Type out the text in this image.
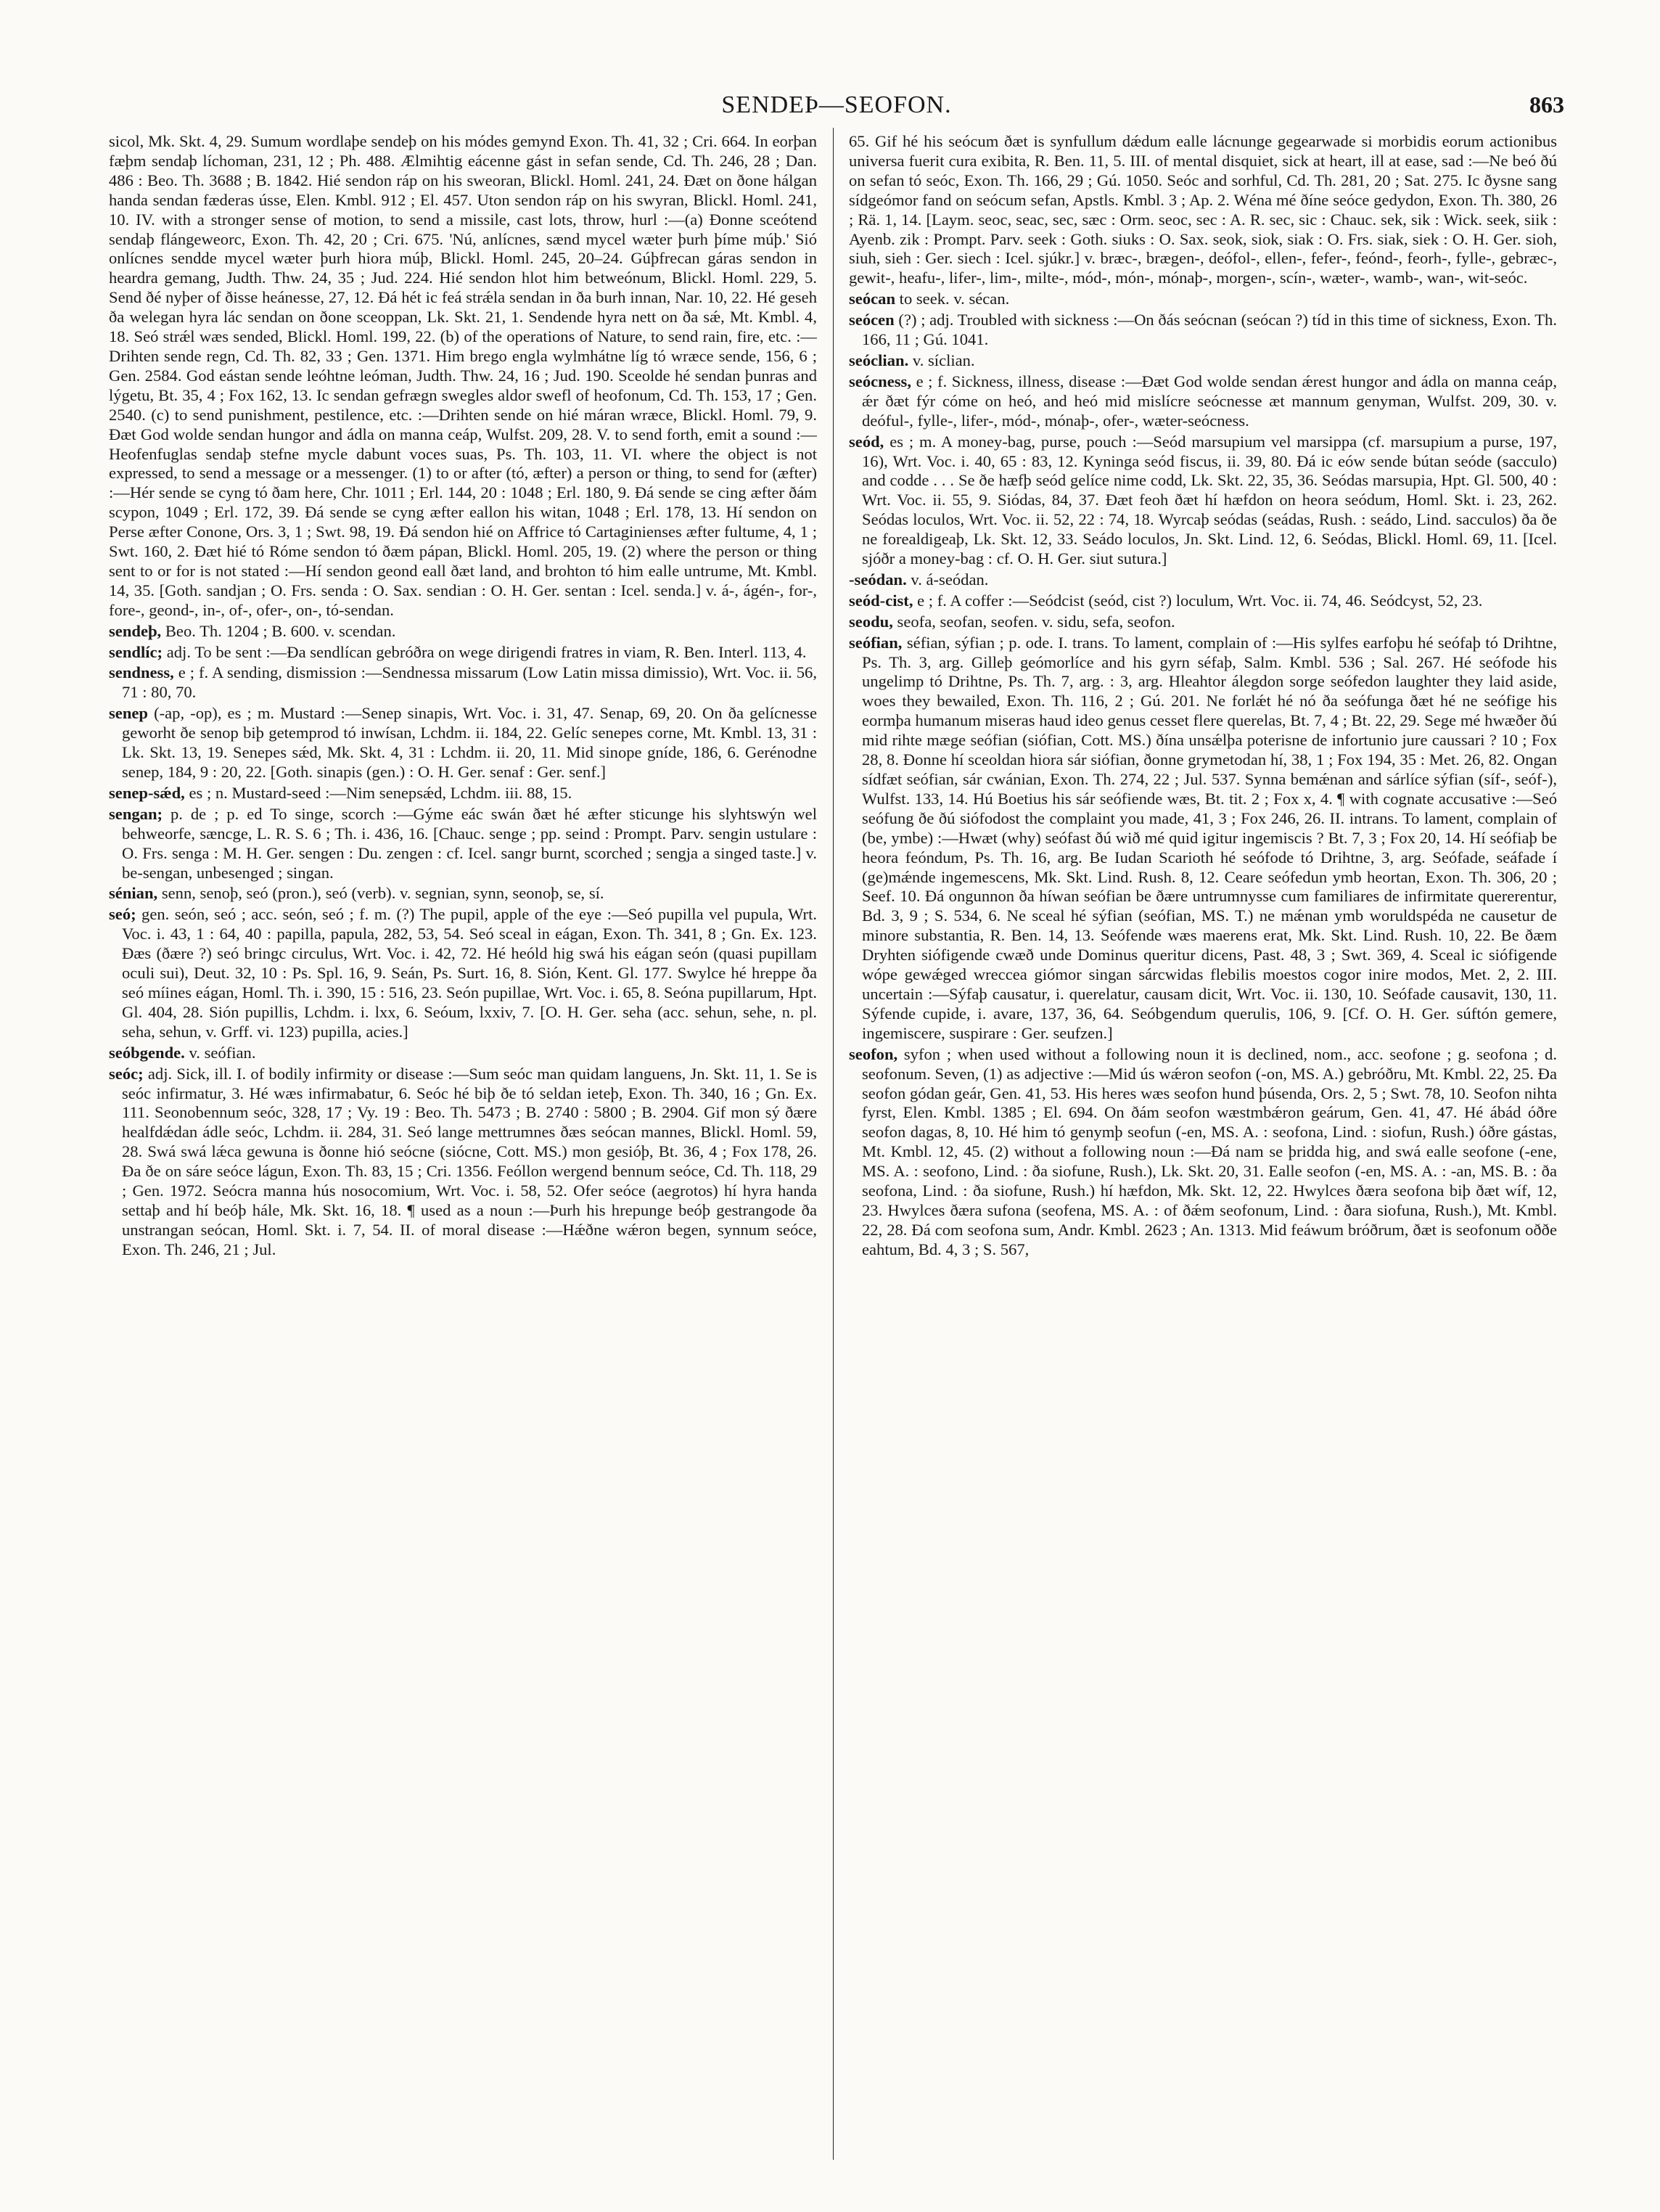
SENDEÞ—SEOFON.	863

sicol, Mk. Skt. 4, 29. Sumum wordlaþe sendeþ on his módes gemynd Exon. Th. 41, 32 ; Cri. 664. In eorþan fæþm sendaþ líchoman, 231, 12 ; Ph. 488. Ælmihtig eácenne gást in sefan sende, Cd. Th. 246, 28 ; Dan. 486 : Beo. Th. 3688 ; B. 1842. Hié sendon ráp on his sweoran, Blickl. Homl. 241, 24. Ðæt on ðone hálgan handa sendan fæderas ússe, Elen. Kmbl. 912 ; El. 457. Uton sendon ráp on his swyran, Blickl. Homl. 241, 10. IV. with a stronger sense of motion, to send a missile, cast lots, throw, hurl :—(a) Ðonne sceótend sendaþ flángeweorc, Exon. Th. 42, 20 ; Cri. 675. 'Nú, anlícnes, sænd mycel wæter þurh þíme múþ.' Sió onlícnes sendde mycel wæter þurh hiora múþ, Blickl. Homl. 245, 20–24. Gúþfrecan gáras sendon in heardra gemang, Judth. Thw. 24, 35 ; Jud. 224. Hié sendon hlot him betweónum, Blickl. Homl. 229, 5. Send ðé nyþer of ðisse heánesse, 27, 12. Ðá hét ic feá strǽla sendan in ða burh innan, Nar. 10, 22. Hé geseh ða welegan hyra lác sendan on ðone sceoppan, Lk. Skt. 21, 1. Sendende hyra nett on ða sǽ, Mt. Kmbl. 4, 18. Seó strǽl wæs sended, Blickl. Homl. 199, 22. (b) of the operations of Nature, to send rain, fire, etc. :—Drihten sende regn, Cd. Th. 82, 33 ; Gen. 1371. Him brego engla wylmhátne líg tó wræce sende, 156, 6 ; Gen. 2584. God eástan sende leóhtne leóman, Judth. Thw. 24, 16 ; Jud. 190. Sceolde hé sendan þunras and lýgetu, Bt. 35, 4 ; Fox 162, 13. Ic sendan gefrægn swegles aldor swefl of heofonum, Cd. Th. 153, 17 ; Gen. 2540. (c) to send punishment, pestilence, etc. :—Drihten sende on hié máran wræce, Blickl. Homl. 79, 9. Ðæt God wolde sendan hungor and ádla on manna ceáp, Wulfst. 209, 28. V. to send forth, emit a sound :—Heofenfuglas sendaþ stefne mycle dabunt voces suas, Ps. Th. 103, 11. VI. where the object is not expressed, to send a message or a messenger. (1) to or after (tó, æfter) a person or thing, to send for (æfter) :—Hér sende se cyng tó ðam here, Chr. 1011 ; Erl. 144, 20 : 1048 ; Erl. 180, 9. Ðá sende se cing æfter ðám scypon, 1049 ; Erl. 172, 39. Ðá sende se cyng æfter eallon his witan, 1048 ; Erl. 178, 13. Hí sendon on Perse æfter Conone, Ors. 3, 1 ; Swt. 98, 19. Ðá sendon hié on Affrice tó Cartaginienses æfter fultume, 4, 1 ; Swt. 160, 2. Ðæt hié tó Róme sendon tó ðæm pápan, Blickl. Homl. 205, 19. (2) where the person or thing sent to or for is not stated :—Hí sendon geond eall ðæt land, and brohton tó him ealle untrume, Mt. Kmbl. 14, 35. [Goth. sandjan ; O. Frs. senda : O. Sax. sendian : O. H. Ger. sentan : Icel. senda.] v. á-, ágén-, for-, fore-, geond-, in-, of-, ofer-, on-, tó-sendan.

sendeþ, Beo. Th. 1204 ; B. 600. v. scendan.

sendlíc; adj. To be sent :—Ða sendlícan gebróðra on wege dirigendi fratres in viam, R. Ben. Interl. 113, 4.

sendness, e ; f. A sending, dismission :—Sendnessa missarum (Low Latin missa dimissio), Wrt. Voc. ii. 56, 71 : 80, 70.

senep (-ap, -op), es ; m. Mustard :—Senep sinapis, Wrt. Voc. i. 31, 47. Senap, 69, 20. On ða gelícnesse geworht ðe senop biþ getemprod tó inwísan, Lchdm. ii. 184, 22. Gelíc senepes corne, Mt. Kmbl. 13, 31 : Lk. Skt. 13, 19. Senepes sǽd, Mk. Skt. 4, 31 : Lchdm. ii. 20, 11. Mid sinope gníde, 186, 6. Gerénodne senep, 184, 9 : 20, 22. [Goth. sinapis (gen.) : O. H. Ger. senaf : Ger. senf.]

senep-sǽd, es ; n. Mustard-seed :—Nim senepsǽd, Lchdm. iii. 88, 15.

sengan; p. de ; p. ed To singe, scorch :—Gýme eác swán ðæt hé æfter sticunge his slyhtswýn wel behweorfe, sæncge, L. R. S. 6 ; Th. i. 436, 16. [Chauc. senge ; pp. seind : Prompt. Parv. sengin ustulare : O. Frs. senga : M. H. Ger. sengen : Du. zengen : cf. Icel. sangr burnt, scorched ; sengja a singed taste.] v. be-sengan, unbesenged ; singan.

sénian, senn, senoþ, seó (pron.), seó (verb). v. segnian, synn, seonoþ, se, sí.

seó; gen. seón, seó ; acc. seón, seó ; f. m. (?) The pupil, apple of the eye :—Seó pupilla vel pupula, Wrt. Voc. i. 43, 1 : 64, 40 : papilla, papula, 282, 53, 54. Seó sceal in eágan, Exon. Th. 341, 8 ; Gn. Ex. 123. Ðæs (ðære ?) seó bringc circulus, Wrt. Voc. i. 42, 72. Hé heóld hig swá his eágan seón (quasi pupillam oculi sui), Deut. 32, 10 : Ps. Spl. 16, 9. Seán, Ps. Surt. 16, 8. Sión, Kent. Gl. 177. Swylce hé hreppe ða seó míines eágan, Homl. Th. i. 390, 15 : 516, 23. Seón pupillae, Wrt. Voc. i. 65, 8. Seóna pupillarum, Hpt. Gl. 404, 28. Sión pupillis, Lchdm. i. lxx, 6. Seóum, lxxiv, 7. [O. H. Ger. seha (acc. sehun, sehe, n. pl. seha, sehun, v. Grff. vi. 123) pupilla, acies.]

seóbgende. v. seófian.

seóc; adj. Sick, ill. I. of bodily infirmity or disease :—Sum seóc man quidam languens, Jn. Skt. 11, 1. Se is seóc infirmatur, 3. Hé wæs infirmabatur, 6. Seóc hé biþ ðe tó seldan ieteþ, Exon. Th. 340, 16 ; Gn. Ex. 111. Seonobennum seóc, 328, 17 ; Vy. 19 : Beo. Th. 5473 ; B. 2740 : 5800 ; B. 2904. Gif mon sý ðære healfdǽdan ádle seóc, Lchdm. ii. 284, 31. Seó lange mettrumnes ðæs seócan mannes, Blickl. Homl. 59, 28. Swá swá lǽca gewuna is ðonne hió seócne (siócne, Cott. MS.) mon gesióþ, Bt. 36, 4 ; Fox 178, 26. Ða ðe on sáre seóce lágun, Exon. Th. 83, 15 ; Cri. 1356. Feóllon wergend bennum seóce, Cd. Th. 118, 29 ; Gen. 1972. Seócra manna hús nosocomium, Wrt. Voc. i. 58, 52. Ofer seóce (aegrotos) hí hyra handa settaþ and hí beóþ hále, Mk. Skt. 16, 18. ¶ used as a noun :—Þurh his hrepunge beóþ gestrangode ða unstrangan seócan, Homl. Skt. i. 7, 54. II. of moral disease :—Hǽðne wǽron begen, synnum seóce, Exon. Th. 246, 21 ; Jul.

65. Gif hé his seócum ðæt is synfullum dǽdum ealle lácnunge gegearwade si morbidis eorum actionibus universa fuerit cura exibita, R. Ben. 11, 5. III. of mental disquiet, sick at heart, ill at ease, sad :—Ne beó ðú on sefan tó seóc, Exon. Th. 166, 29 ; Gú. 1050. Seóc and sorhful, Cd. Th. 281, 20 ; Sat. 275. Ic ðysne sang sídgeómor fand on seócum sefan, Apstls. Kmbl. 3 ; Ap. 2. Wéna mé ðíne seóce gedydon, Exon. Th. 380, 26 ; Rä. 1, 14. [Laym. seoc, seac, sec, sæc : Orm. seoc, sec : A. R. sec, sic : Chauc. sek, sik : Wick. seek, siik : Ayenb. zik : Prompt. Parv. seek : Goth. siuks : O. Sax. seok, siok, siak : O. Frs. siak, siek : O. H. Ger. sioh, siuh, sieh : Ger. siech : Icel. sjúkr.] v. bræc-, brægen-, deófol-, ellen-, fefer-, feónd-, feorh-, fylle-, gebræc-, gewit-, heafu-, lifer-, lim-, milte-, mód-, món-, mónaþ-, morgen-, scín-, wæter-, wamb-, wan-, wit-seóc.

seócan to seek. v. sécan.

seócen (?) ; adj. Troubled with sickness :—On ðás seócnan (seócan ?) tíd in this time of sickness, Exon. Th. 166, 11 ; Gú. 1041.

seóclian. v. síclian.

seócness, e ; f. Sickness, illness, disease :—Ðæt God wolde sendan ǽrest hungor and ádla on manna ceáp, ǽr ðæt fýr cóme on heó, and heó mid mislícre seócnesse æt mannum genyman, Wulfst. 209, 30. v. deóful-, fylle-, lifer-, mód-, mónaþ-, ofer-, wæter-seócness.

seód, es ; m. A money-bag, purse, pouch :—Seód marsupium vel marsippa (cf. marsupium a purse, 197, 16), Wrt. Voc. i. 40, 65 : 83, 12. Kyninga seód fiscus, ii. 39, 80. Ðá ic eów sende bútan seóde (sacculo) and codde . . . Se ðe hæfþ seód gelíce nime codd, Lk. Skt. 22, 35, 36. Seódas marsupia, Hpt. Gl. 500, 40 : Wrt. Voc. ii. 55, 9. Siódas, 84, 37. Ðæt feoh ðæt hí hæfdon on heora seódum, Homl. Skt. i. 23, 262. Seódas loculos, Wrt. Voc. ii. 52, 22 : 74, 18. Wyrcaþ seódas (seádas, Rush. : seádo, Lind. sacculos) ða ðe ne forealdigeaþ, Lk. Skt. 12, 33. Seádo loculos, Jn. Skt. Lind. 12, 6. Seódas, Blickl. Homl. 69, 11. [Icel. sjóðr a money-bag : cf. O. H. Ger. siut sutura.]

-seódan. v. á-seódan.

seód-cist, e ; f. A coffer :—Seódcist (seód, cist ?) loculum, Wrt. Voc. ii. 74, 46. Seódcyst, 52, 23.

seodu, seofa, seofan, seofen. v. sidu, sefa, seofon.

seófian, séfian, sýfian ; p. ode. I. trans. To lament, complain of :—His sylfes earfoþu hé seófaþ tó Drihtne, Ps. Th. 3, arg. Gilleþ geómorlíce and his gyrn séfaþ, Salm. Kmbl. 536 ; Sal. 267. Hé seófode his ungelimp tó Drihtne, Ps. Th. 7, arg. : 3, arg. Hleahtor álegdon sorge seófedon laughter they laid aside, woes they bewailed, Exon. Th. 116, 2 ; Gú. 201. Ne forlǽt hé nó ða seófunga ðæt hé ne seófige his eormþa humanum miseras haud ideo genus cesset flere querelas, Bt. 7, 4 ; Bt. 22, 29. Sege mé hwæðer ðú mid rihte mæge seófian (siófian, Cott. MS.) ðína unsǽlþa poterisne de infortunio jure caussari ? 10 ; Fox 28, 8. Ðonne hí sceoldan hiora sár siófian, ðonne grymetodan hí, 38, 1 ; Fox 194, 35 : Met. 26, 82. Ongan sídfæt seófian, sár cwánian, Exon. Th. 274, 22 ; Jul. 537. Synna bemǽnan and sárlíce sýfian (síf-, seóf-), Wulfst. 133, 14. Hú Boetius his sár seófiende wæs, Bt. tit. 2 ; Fox x, 4. ¶ with cognate accusative :—Seó seófung ðe ðú siófodost the complaint you made, 41, 3 ; Fox 246, 26. II. intrans. To lament, complain of (be, ymbe) :—Hwæt (why) seófast ðú wið mé quid igitur ingemiscis ? Bt. 7, 3 ; Fox 20, 14. Hí seófiaþ be heora feóndum, Ps. Th. 16, arg. Be Iudan Scarioth hé seófode tó Drihtne, 3, arg. Seófade, seáfade í (ge)mǽnde ingemescens, Mk. Skt. Lind. Rush. 8, 12. Ceare seófedun ymb heortan, Exon. Th. 306, 20 ; Seef. 10. Ðá ongunnon ða híwan seófian be ðære untrumnysse cum familiares de infirmitate quererentur, Bd. 3, 9 ; S. 534, 6. Ne sceal hé sýfian (seófian, MS. T.) ne mǽnan ymb woruldspéda ne causetur de minore substantia, R. Ben. 14, 13. Seófende wæs maerens erat, Mk. Skt. Lind. Rush. 10, 22. Be ðæm Dryhten siófigende cwæð unde Dominus queritur dicens, Past. 48, 3 ; Swt. 369, 4. Sceal ic siófigende wópe gewǽged wreccea giómor singan sárcwidas flebilis moestos cogor inire modos, Met. 2, 2. III. uncertain :—Sýfaþ causatur, i. querelatur, causam dicit, Wrt. Voc. ii. 130, 10. Seófade causavit, 130, 11. Sýfende cupide, i. avare, 137, 36, 64. Seóbgendum querulis, 106, 9. [Cf. O. H. Ger. súftón gemere, ingemiscere, suspirare : Ger. seufzen.]

seofon, syfon ; when used without a following noun it is declined, nom., acc. seofone ; g. seofona ; d. seofonum. Seven, (1) as adjective :—Mid ús wǽron seofon (-on, MS. A.) gebróðru, Mt. Kmbl. 22, 25. Ða seofon gódan geár, Gen. 41, 53. His heres wæs seofon hund þúsenda, Ors. 2, 5 ; Swt. 78, 10. Seofon nihta fyrst, Elen. Kmbl. 1385 ; El. 694. On ðám seofon wæstmbǽron geárum, Gen. 41, 47. Hé ábád óðre seofon dagas, 8, 10. Hé him tó genymþ seofun (-en, MS. A. : seofona, Lind. : siofun, Rush.) óðre gástas, Mt. Kmbl. 12, 45. (2) without a following noun :—Ðá nam se þridda hig, and swá ealle seofone (-ene, MS. A. : seofono, Lind. : ða siofune, Rush.), Lk. Skt. 20, 31. Ealle seofon (-en, MS. A. : -an, MS. B. : ða seofona, Lind. : ða siofune, Rush.) hí hæfdon, Mk. Skt. 12, 22. Hwylces ðæra seofona biþ ðæt wíf, 12, 23. Hwylces ðæra sufona (seofena, MS. A. : of ðǽm seofonum, Lind. : ðara siofuna, Rush.), Mt. Kmbl. 22, 28. Ðá com seofona sum, Andr. Kmbl. 2623 ; An. 1313. Mid feáwum bróðrum, ðæt is seofonum oððe eahtum, Bd. 4, 3 ; S. 567,
